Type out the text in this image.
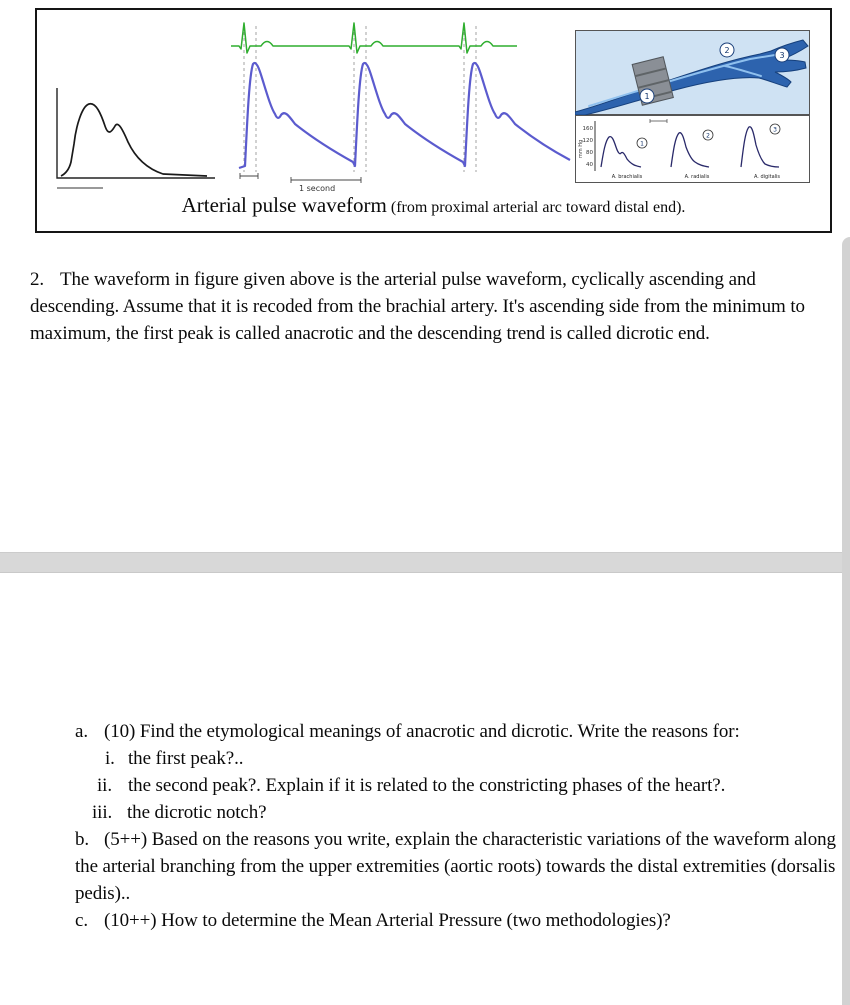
1 second
1
2
3
160
120
80
40
mm Hg	1
2
3
A. brachialis	A. radialis	A. digitalis
Arterial pulse waveform (from proximal arterial arc toward distal end).
2. The waveform in figure given above is the arterial pulse waveform, cyclically ascending and descending. Assume that it is recoded from the brachial artery. It's ascending side from the minimum to maximum, the first peak is called anacrotic and the descending trend is called dicrotic end.
a. (10) Find the etymological meanings of anacrotic and dicrotic. Write the reasons for:
i. the first peak?..
ii. the second peak?. Explain if it is related to the constricting phases of the heart?.
iii. the dicrotic notch?
b. (5++) Based on the reasons you write, explain the characteristic variations of the waveform along the arterial branching from the upper extremities (aortic roots) towards the distal extremities (dorsalis pedis)..
c. (10++) How to determine the Mean Arterial Pressure (two methodologies)?
